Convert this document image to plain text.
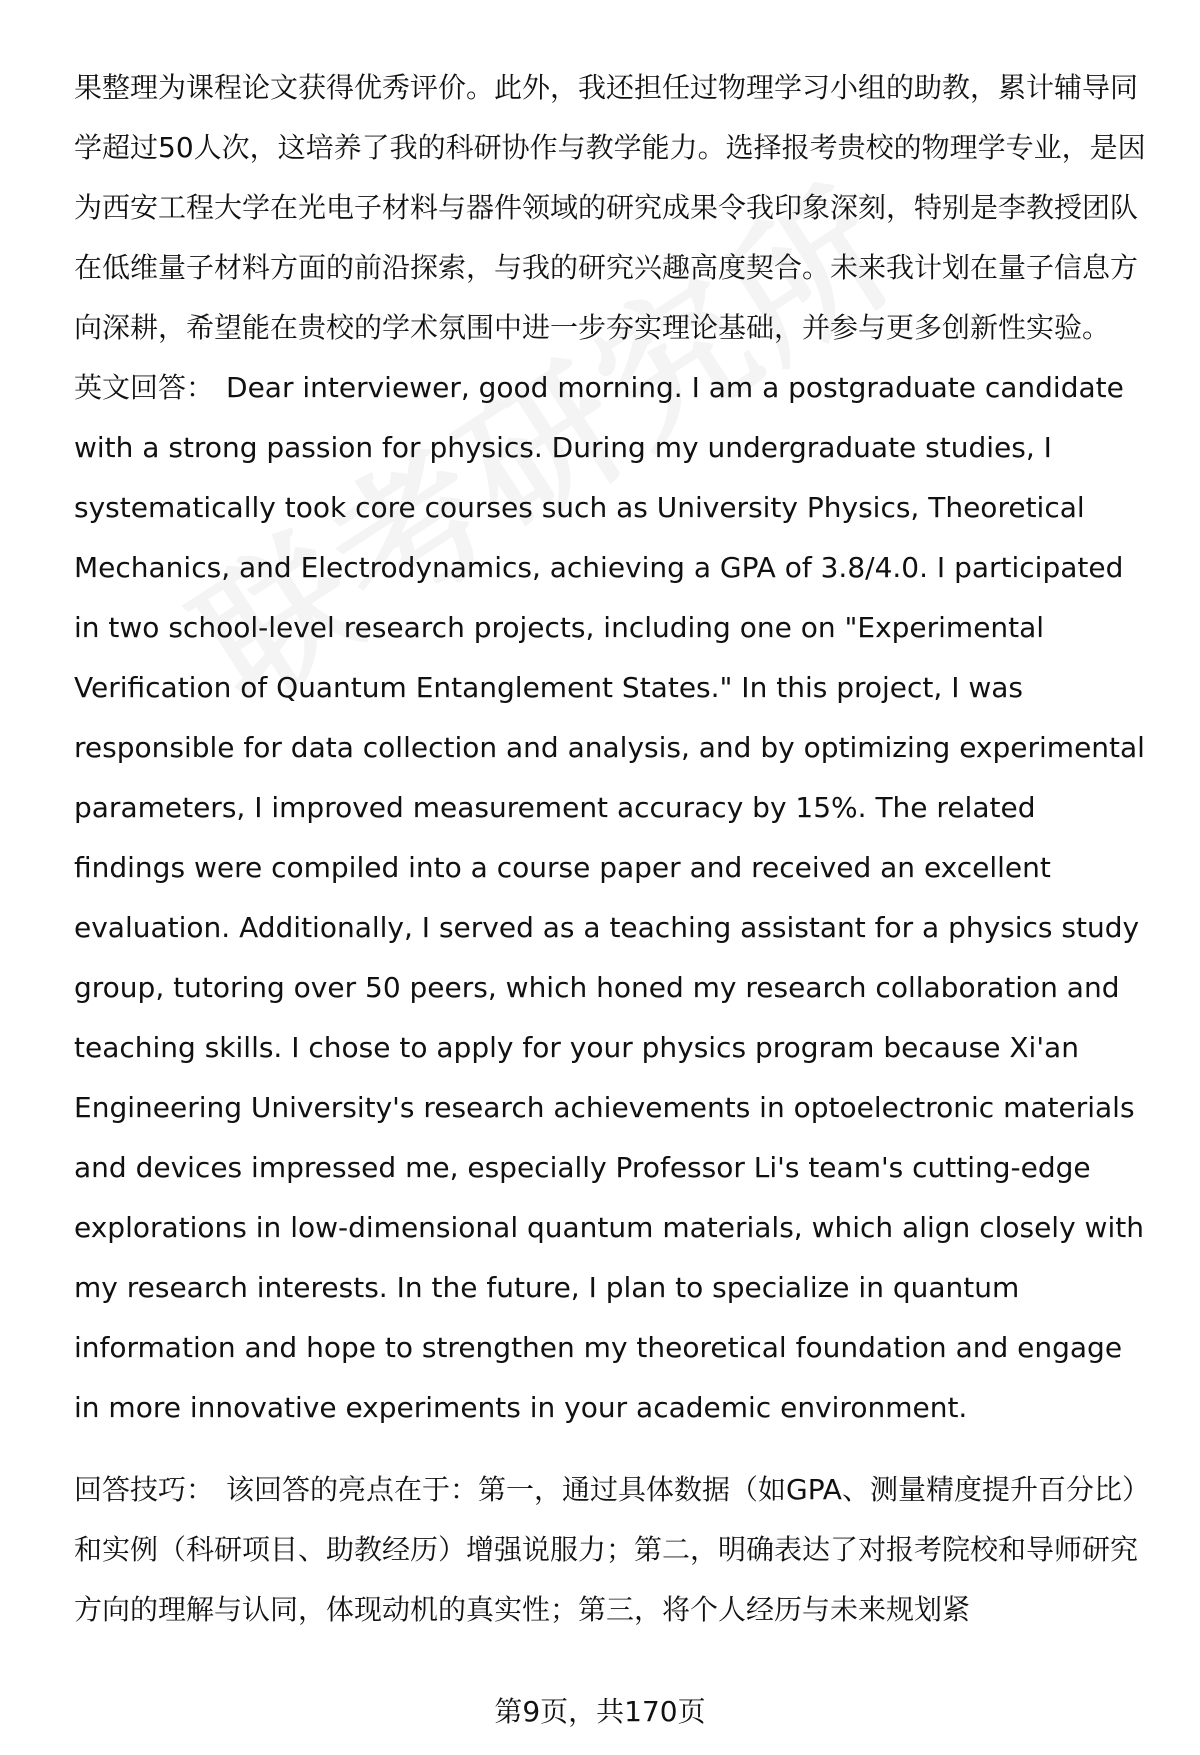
果整理为课程论文获得优秀评价。此外，我还担任过物理学习小组的助教，累计辅导同学超过50人次，这培养了我的科研协作与教学能力。选择报考贵校的物理学专业，是因为西安工程大学在光电子材料与器件领域的研究成果令我印象深刻，特别是李教授团队在低维量子材料方面的前沿探索，与我的研究兴趣高度契合。未来我计划在量子信息方向深耕，希望能在贵校的学术氛围中进一步夯实理论基础，并参与更多创新性实验。

英文回答： Dear interviewer, good morning. I am a postgraduate candidate with a strong passion for physics. During my undergraduate studies, I systematically took core courses such as University Physics, Theoretical Mechanics, and Electrodynamics, achieving a GPA of 3.8/4.0. I participated in two school-level research projects, including one on "Experimental Verification of Quantum Entanglement States." In this project, I was responsible for data collection and analysis, and by optimizing experimental parameters, I improved measurement accuracy by 15%. The related findings were compiled into a course paper and received an excellent evaluation. Additionally, I served as a teaching assistant for a physics study group, tutoring over 50 peers, which honed my research collaboration and teaching skills. I chose to apply for your physics program because Xi'an Engineering University's research achievements in optoelectronic materials and devices impressed me, especially Professor Li's team's cutting-edge explorations in low-dimensional quantum materials, which align closely with my research interests. In the future, I plan to specialize in quantum information and hope to strengthen my theoretical foundation and engage in more innovative experiments in your academic environment.

回答技巧： 该回答的亮点在于：第一，通过具体数据（如GPA、测量精度提升百分比）和实例（科研项目、助教经历）增强说服力；第二，明确表达了对报考院校和导师研究方向的理解与认同，体现动机的真实性；第三，将个人经历与未来规划紧

第9页，共170页
